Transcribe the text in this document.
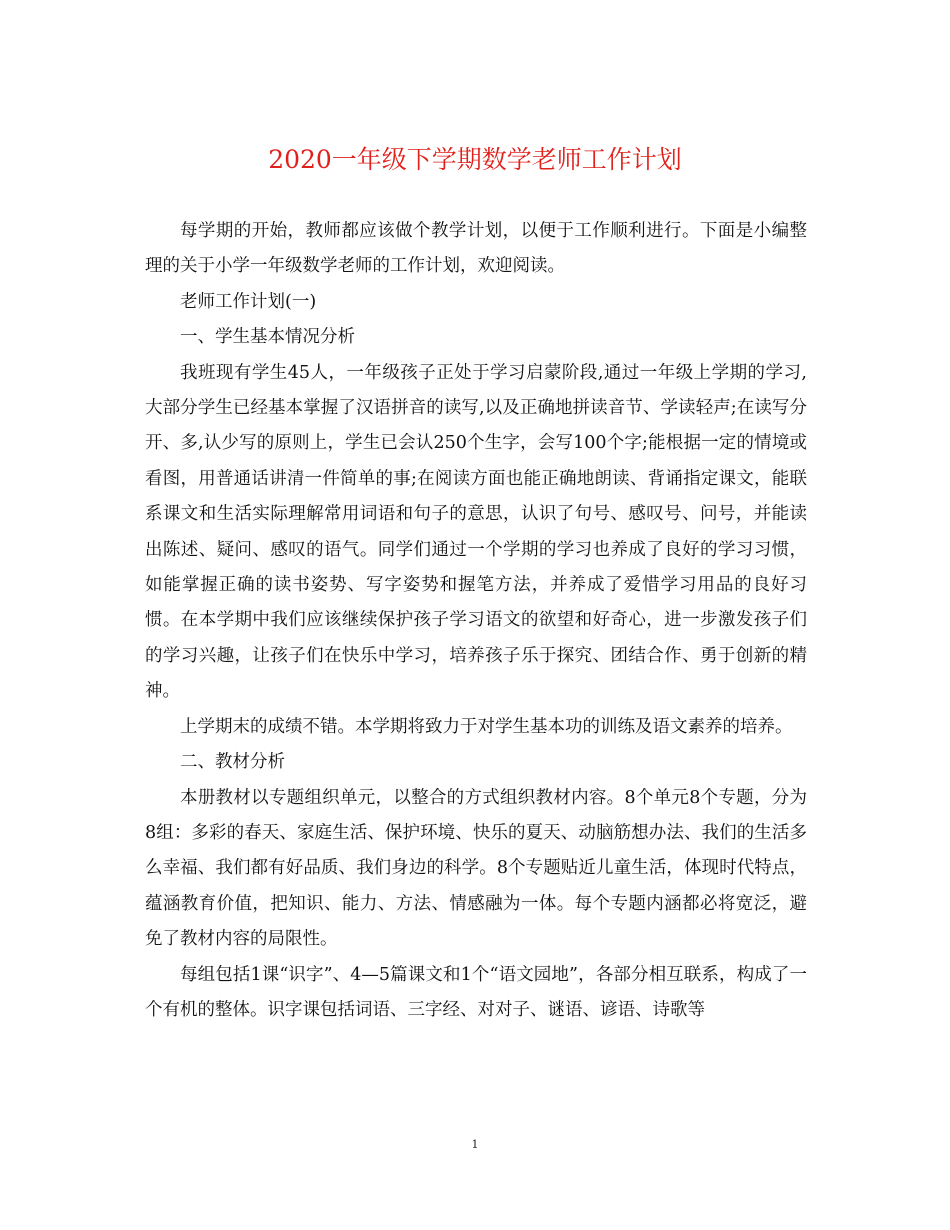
2020一年级下学期数学老师工作计划

每学期的开始，教师都应该做个教学计划，以便于工作顺利进行。下面是小编整理的关于小学一年级数学老师的工作计划，欢迎阅读。

老师工作计划(一)

一、学生基本情况分析

我班现有学生45人，一年级孩子正处于学习启蒙阶段,通过一年级上学期的学习,大部分学生已经基本掌握了汉语拼音的读写,以及正确地拼读音节、学读轻声;在读写分开、多,认少写的原则上，学生已会认250个生字，会写100个字;能根据一定的情境或看图，用普通话讲清一件简单的事;在阅读方面也能正确地朗读、背诵指定课文，能联系课文和生活实际理解常用词语和句子的意思，认识了句号、感叹号、问号，并能读出陈述、疑问、感叹的语气。同学们通过一个学期的学习也养成了良好的学习习惯，如能掌握正确的读书姿势、写字姿势和握笔方法，并养成了爱惜学习用品的良好习惯。在本学期中我们应该继续保护孩子学习语文的欲望和好奇心，进一步激发孩子们的学习兴趣，让孩子们在快乐中学习，培养孩子乐于探究、团结合作、勇于创新的精神。

上学期末的成绩不错。本学期将致力于对学生基本功的训练及语文素养的培养。

二、教材分析

本册教材以专题组织单元，以整合的方式组织教材内容。8个单元8个专题，分为8组：多彩的春天、家庭生活、保护环境、快乐的夏天、动脑筋想办法、我们的生活多么幸福、我们都有好品质、我们身边的科学。8个专题贴近儿童生活，体现时代特点，蕴涵教育价值，把知识、能力、方法、情感融为一体。每个专题内涵都必将宽泛，避免了教材内容的局限性。

每组包括1课“识字”、4—5篇课文和1个“语文园地”，各部分相互联系，构成了一个有机的整体。识字课包括词语、三字经、对对子、谜语、谚语、诗歌等

1
